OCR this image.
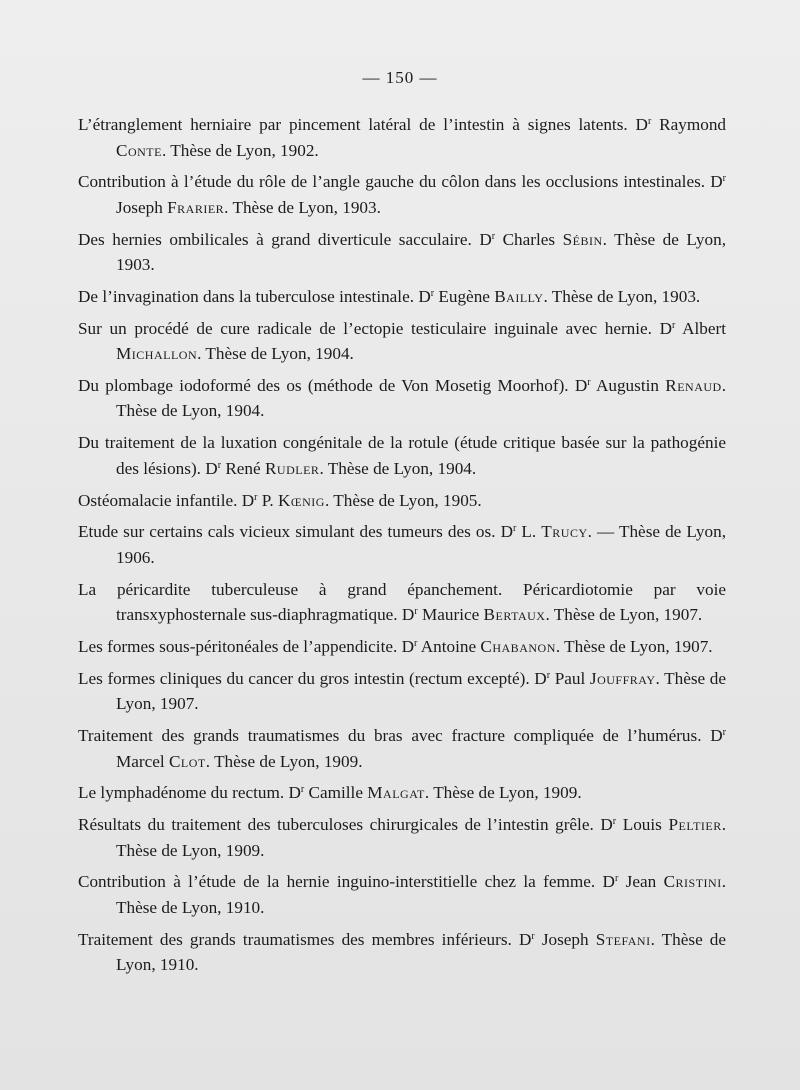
— 150 —

L’étranglement herniaire par pincement latéral de l’intestin à signes latents. $D^r$ Raymond Conte. Thèse de Lyon, 1902.

Contribution à l’étude du rôle de l’angle gauche du côlon dans les occlusions intestinales. $D^r$ Joseph Frarier. Thèse de Lyon, 1903.

Des hernies ombilicales à grand diverticule sacculaire. $D^r$ Charles Sébin. Thèse de Lyon, 1903.

De l’invagination dans la tuberculose intestinale. $D^r$ Eugène Bailly. Thèse de Lyon, 1903.

Sur un procédé de cure radicale de l’ectopie testiculaire inguinale avec hernie. $D^r$ Albert Michallon. Thèse de Lyon, 1904.

Du plombage iodoformé des os (méthode de Von Mosetig Moorhof). $D^r$ Augustin Renaud. Thèse de Lyon, 1904.

Du traitement de la luxation congénitale de la rotule (étude critique basée sur la pathogénie des lésions). $D^r$ René Rudler. Thèse de Lyon, 1904.

Ostéomalacie infantile. $D^r$ P. Kœnig. Thèse de Lyon, 1905.

Etude sur certains cals vicieux simulant des tumeurs des os. $D^r$ L. Trucy. — Thèse de Lyon, 1906.

La péricardite tuberculeuse à grand épanchement. Péricardiotomie par voie transxyphosternale sus-diaphragmatique. $D^r$ Maurice Bertaux. Thèse de Lyon, 1907.

Les formes sous-péritonéales de l’appendicite. $D^r$ Antoine Chabanon. Thèse de Lyon, 1907.

Les formes cliniques du cancer du gros intestin (rectum excepté). $D^r$ Paul Jouffray. Thèse de Lyon, 1907.

Traitement des grands traumatismes du bras avec fracture compliquée de l’humérus. $D^r$ Marcel Clot. Thèse de Lyon, 1909.

Le lymphadénome du rectum. $D^r$ Camille Malgat. Thèse de Lyon, 1909.

Résultats du traitement des tuberculoses chirurgicales de l’intestin grêle. $D^r$ Louis Peltier. Thèse de Lyon, 1909.

Contribution à l’étude de la hernie inguino-interstitielle chez la femme. $D^r$ Jean Cristini. Thèse de Lyon, 1910.

Traitement des grands traumatismes des membres inférieurs. $D^r$ Joseph Stefani. Thèse de Lyon, 1910.
